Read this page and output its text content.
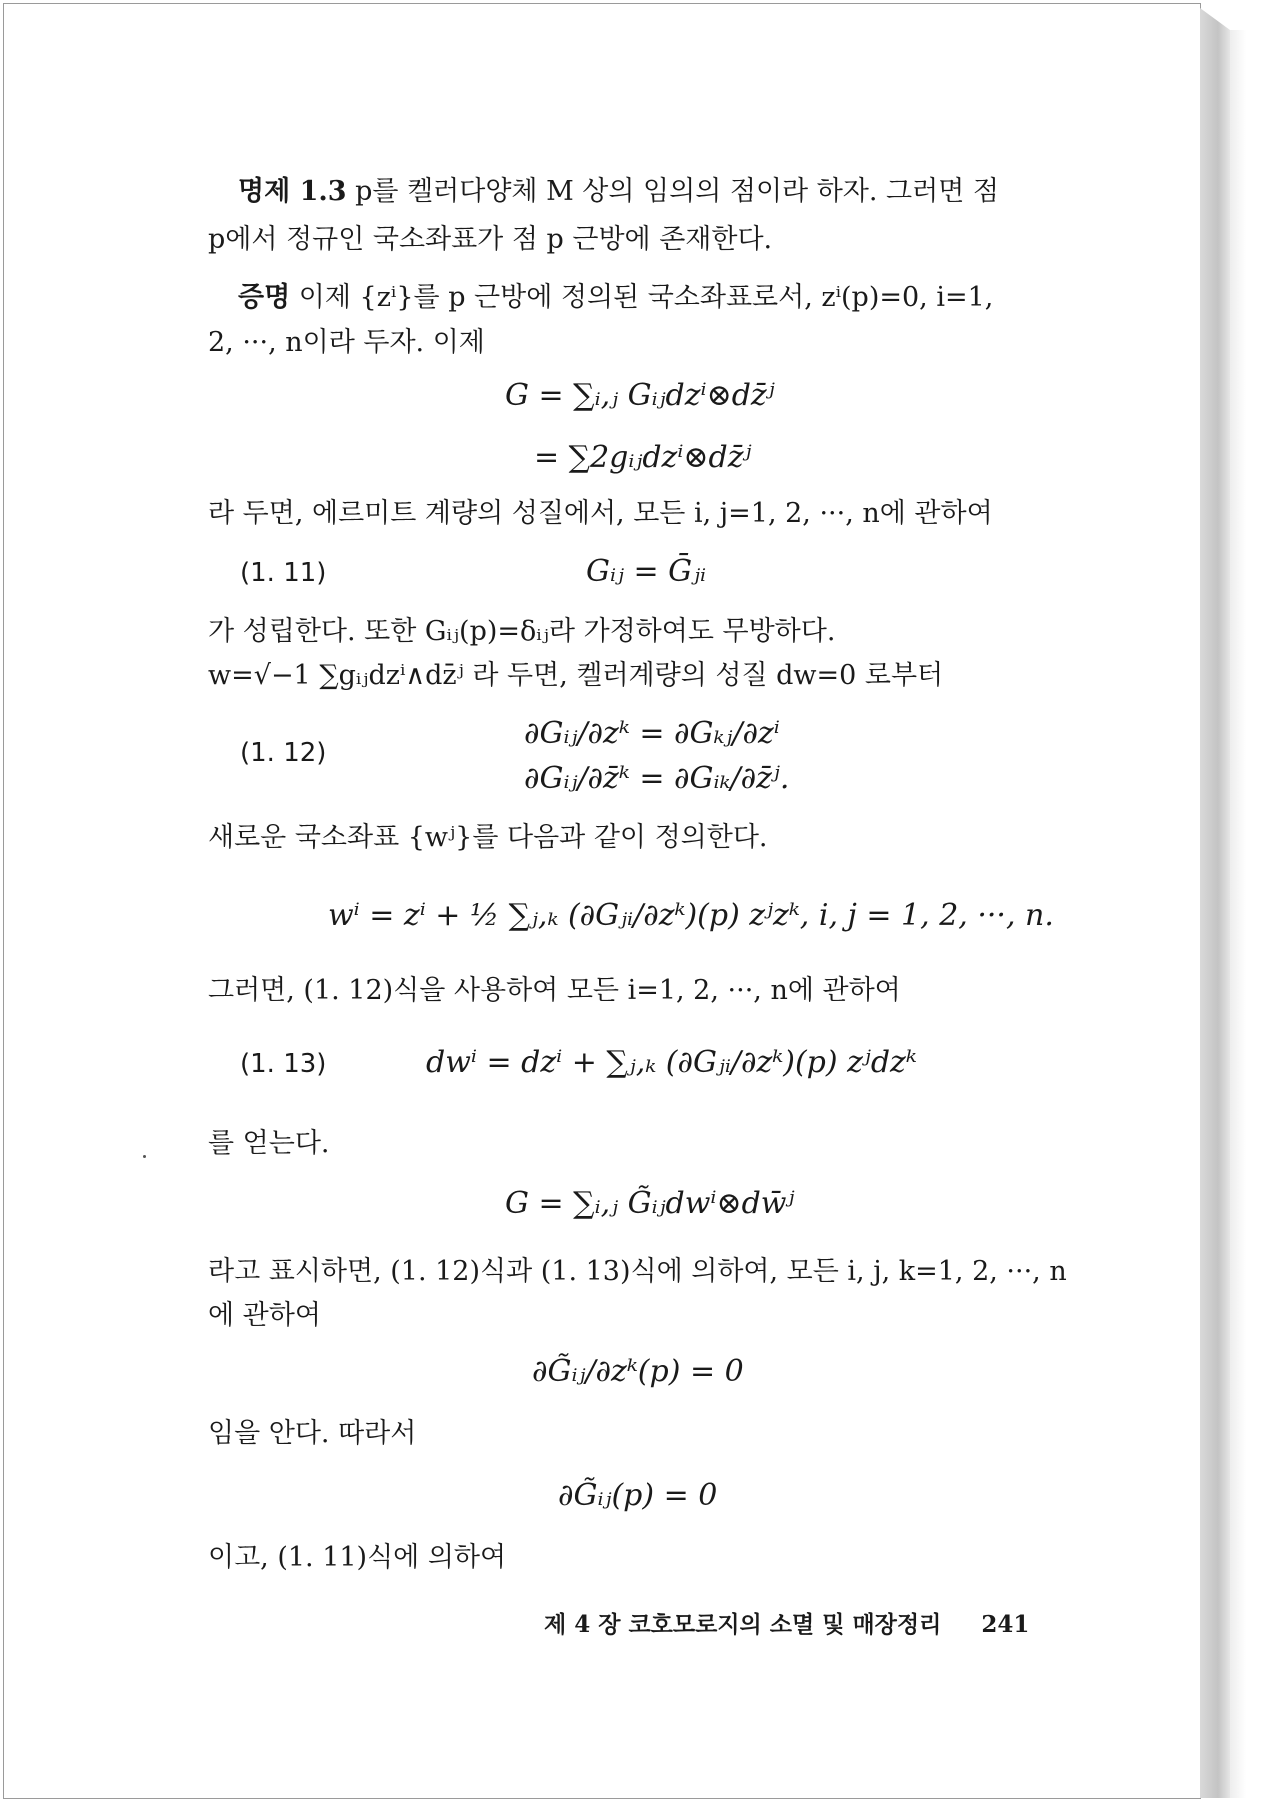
명제 1.3 p를 켈러다양체 M 상의 임의의 점이라 하자. 그러면 점
p에서 정규인 국소좌표가 점 p 근방에 존재한다.
증명 이제 {zⁱ}를 p 근방에 정의된 국소좌표로서, zⁱ(p)=0, i=1,
2, ···, n이라 두자. 이제
G = ∑ᵢ,ⱼ Gᵢⱼdzⁱ⊗dz̄ʲ
= ∑2gᵢⱼdzⁱ⊗dz̄ʲ
라 두면, 에르미트 계량의 성질에서, 모든 i, j=1, 2, ···, n에 관하여
(1. 11)	Gᵢⱼ = Ḡⱼᵢ
가 성립한다. 또한 Gᵢⱼ(p)=δᵢⱼ라 가정하여도 무방하다.
w=√−1 ∑gᵢⱼdzⁱ∧dz̄ʲ 라 두면, 켈러계량의 성질 dw=0 로부터
(1. 12)
∂Gᵢⱼ/∂zᵏ = ∂Gₖⱼ/∂zⁱ
∂Gᵢⱼ/∂z̄ᵏ = ∂Gᵢₖ/∂z̄ʲ.
새로운 국소좌표 {wʲ}를 다음과 같이 정의한다.
wⁱ = zⁱ + ½ ∑ⱼ,ₖ (∂Gⱼᵢ/∂zᵏ)(p) zʲzᵏ, i, j = 1, 2, ···, n.
그러면, (1. 12)식을 사용하여 모든 i=1, 2, ···, n에 관하여
(1. 13)	dwⁱ = dzⁱ + ∑ⱼ,ₖ (∂Gⱼᵢ/∂zᵏ)(p) zʲdzᵏ
를 얻는다.
G = ∑ᵢ,ⱼ G̃ᵢⱼdwⁱ⊗dw̄ʲ
라고 표시하면, (1. 12)식과 (1. 13)식에 의하여, 모든 i, j, k=1, 2, ···, n
에 관하여
∂G̃ᵢⱼ/∂zᵏ(p) = 0
임을 안다. 따라서
∂G̃ᵢⱼ(p) = 0
이고, (1. 11)식에 의하여
제 4 장 코호모로지의 소멸 및 매장정리 241
